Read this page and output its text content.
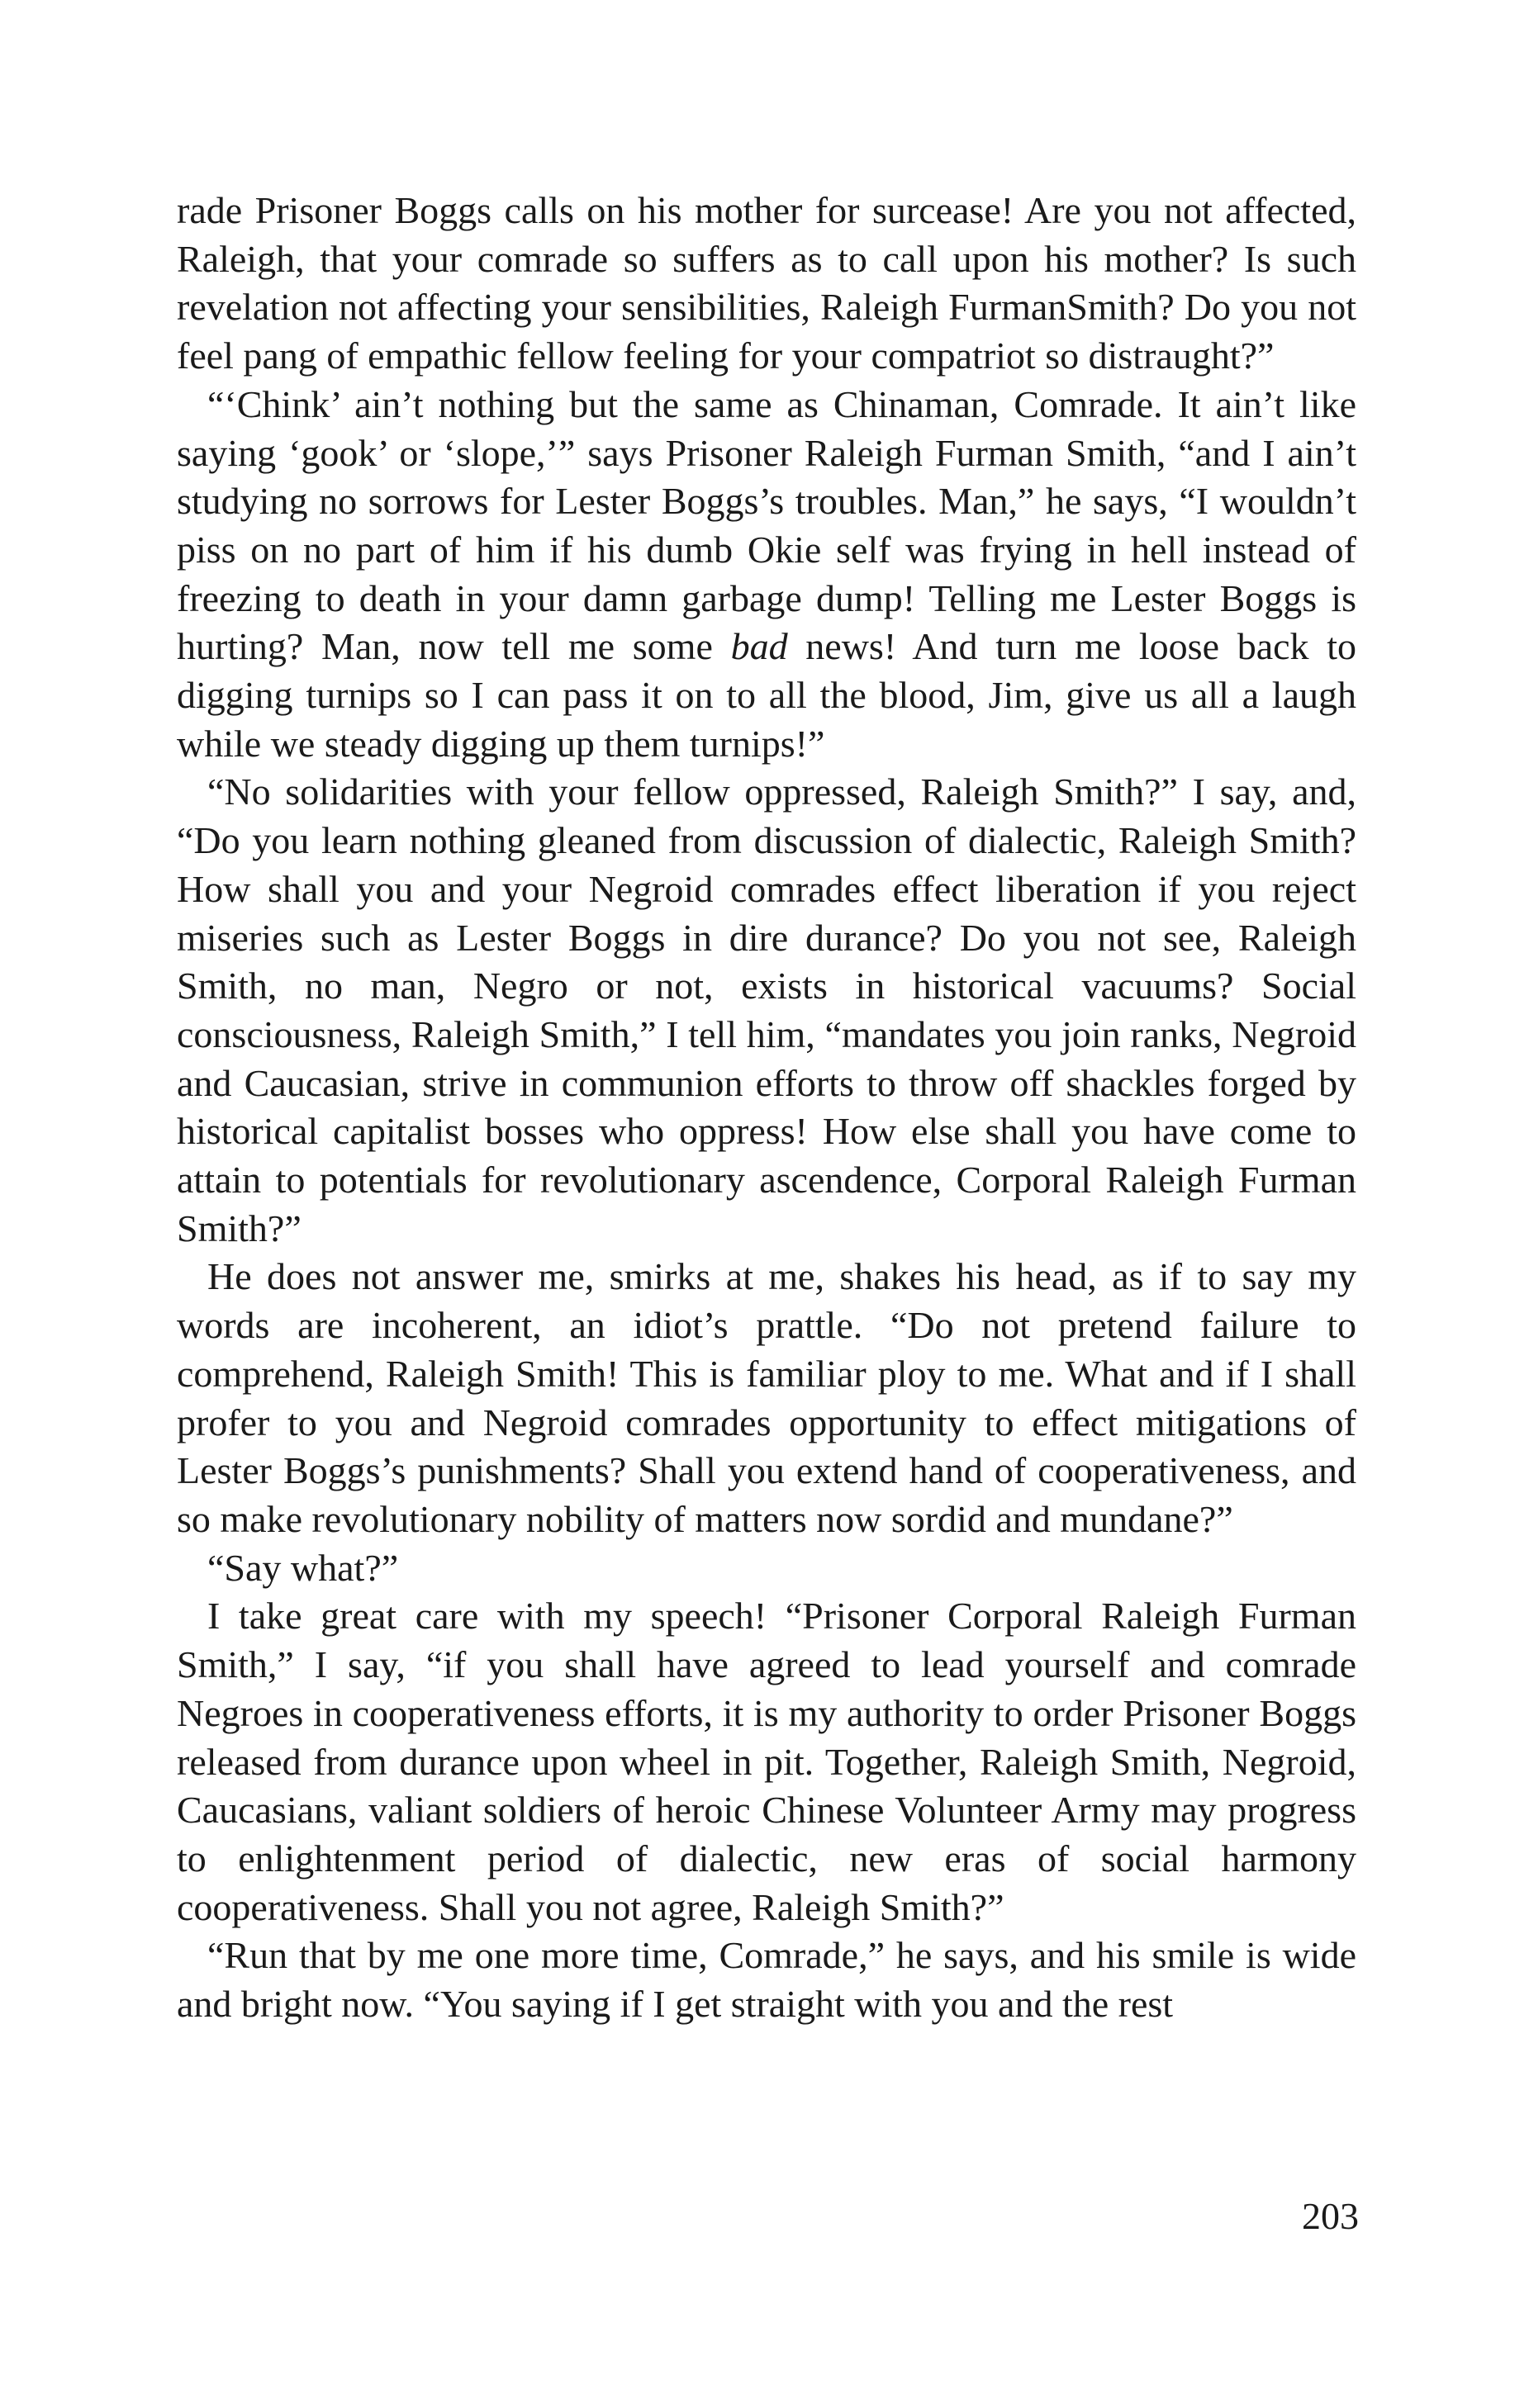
rade Prisoner Boggs calls on his mother for surcease! Are you not affected, Raleigh, that your comrade so suffers as to call upon his mother? Is such revelation not affecting your sensibilities, Raleigh FurmanSmith? Do you not feel pang of empathic fellow feeling for your compatriot so distraught?”

“‘Chink’ ain’t nothing but the same as Chinaman, Comrade. It ain’t like saying ‘gook’ or ‘slope,’” says Prisoner Raleigh Furman Smith, “and I ain’t studying no sorrows for Lester Boggs’s troubles. Man,” he says, “I wouldn’t piss on no part of him if his dumb Okie self was frying in hell instead of freezing to death in your damn garbage dump! Telling me Lester Boggs is hurting? Man, now tell me some bad news! And turn me loose back to digging turnips so I can pass it on to all the blood, Jim, give us all a laugh while we steady digging up them turnips!”

“No solidarities with your fellow oppressed, Raleigh Smith?” I say, and, “Do you learn nothing gleaned from discussion of dialectic, Raleigh Smith? How shall you and your Negroid comrades effect liberation if you reject miseries such as Lester Boggs in dire durance? Do you not see, Raleigh Smith, no man, Negro or not, exists in historical vacuums? Social consciousness, Raleigh Smith,” I tell him, “mandates you join ranks, Negroid and Caucasian, strive in communion efforts to throw off shackles forged by historical capitalist bosses who oppress! How else shall you have come to attain to potentials for revolutionary ascendence, Corporal Raleigh Furman Smith?”

He does not answer me, smirks at me, shakes his head, as if to say my words are incoherent, an idiot’s prattle. “Do not pretend failure to comprehend, Raleigh Smith! This is familiar ploy to me. What and if I shall profer to you and Negroid comrades opportunity to effect mitigations of Lester Boggs’s punishments? Shall you extend hand of cooperativeness, and so make revolutionary nobility of matters now sordid and mundane?”

“Say what?”

I take great care with my speech! “Prisoner Corporal Raleigh Furman Smith,” I say, “if you shall have agreed to lead yourself and comrade Negroes in cooperativeness efforts, it is my authority to order Prisoner Boggs released from durance upon wheel in pit. Together, Raleigh Smith, Negroid, Caucasians, valiant soldiers of heroic Chinese Volunteer Army may progress to enlightenment period of dialectic, new eras of social harmony cooperativeness. Shall you not agree, Raleigh Smith?”

“Run that by me one more time, Comrade,” he says, and his smile is wide and bright now. “You saying if I get straight with you and the rest

203
